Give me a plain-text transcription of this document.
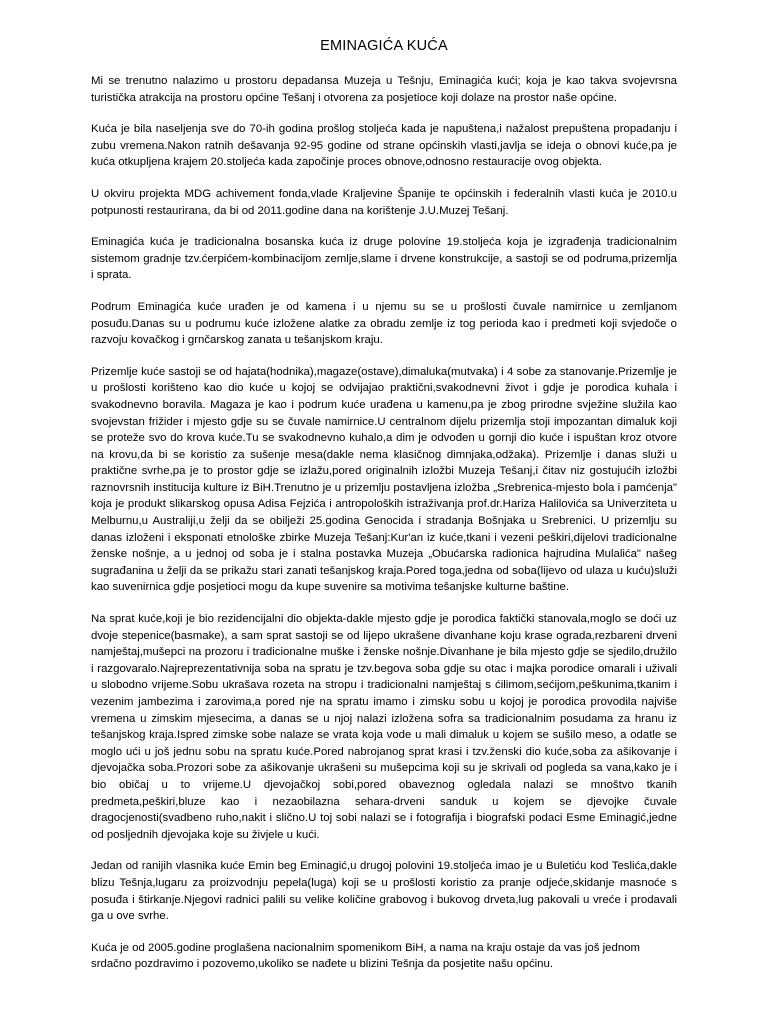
EMINAGIĆA KUĆA

Mi se trenutno nalazimo u prostoru depadansa Muzeja u Tešnju, Eminagića kući; koja je kao takva svojevrsna turistička atrakcija na prostoru općine Tešanj i otvorena za posjetioce koji dolaze na prostor naše općine.

Kuća je bila naseljenja sve do 70-ih godina prošlog stoljeća kada je napuštena,i nažalost prepuštena propadanju i zubu vremena.Nakon ratnih dešavanja 92-95 godine od strane općinskih vlasti,javlja se ideja o obnovi kuće,pa je kuća otkupljena krajem 20.stoljeća kada započinje proces obnove,odnosno restauracije ovog objekta.

U okviru projekta MDG achivement fonda,vlade Kraljevine Španije te općinskih i federalnih vlasti kuća je 2010.u potpunosti restaurirana, da bi od 2011.godine dana na korištenje J.U.Muzej Tešanj.

Eminagića kuća je tradicionalna bosanska kuća iz druge polovine 19.stoljeća koja je izgrađenja tradicionalnim sistemom gradnje tzv.ćerpićem-kombinacijom zemlje,slame i drvene konstrukcije, a sastoji se od podruma,prizemlja i sprata.

Podrum Eminagića kuće urađen je od kamena i u njemu su se u prošlosti čuvale namirnice u zemljanom posuđu.Danas su u podrumu kuće izložene alatke za obradu zemlje iz tog perioda kao i predmeti koji svjedoče o razvoju kovačkog i grnčarskog zanata u tešanjskom kraju.

Prizemlje kuće sastoji se od hajata(hodnika),magaze(ostave),dimaluka(mutvaka) i 4 sobe za stanovanje.Prizemlje je u prošlosti korišteno kao dio kuće u kojoj se odvijajao praktični,svakodnevni život i gdje je porodica kuhala i svakodnevno boravila. Magaza je kao i podrum kuće urađena u kamenu,pa je zbog prirodne svježine služila kao svojevstan frižider i mjesto gdje su se čuvale namirnice.U centralnom dijelu prizemlja stoji impozantan dimaluk koji se proteže svo do krova kuće.Tu se svakodnevno kuhalo,a dim je odvođen u gornji dio kuće i ispuštan kroz otvore na krovu,da bi se koristio za sušenje mesa(dakle nema klasičnog dimnjaka,odžaka). Prizemlje i danas služi u praktične svrhe,pa je to prostor gdje se izlažu,pored originalnih izložbi Muzeja Tešanj,i čitav niz gostujućih izložbi raznovrsnih institucija kulture iz BiH.Trenutno je u prizemlju postavljena izložba „Srebrenica-mjesto bola i pamćenja" koja je produkt slikarskog opusa Adisa Fejzića i antropoloških istraživanja prof.dr.Hariza Halilovića sa Univerziteta u Melburnu,u Australiji,u želji da se obilježi 25.godina Genocida i stradanja Bošnjaka u Srebrenici. U prizemlju su danas izloženi i eksponati etnološke zbirke Muzeja Tešanj:Kur'an iz kuće,tkani i vezeni peškiri,dijelovi tradicionalne ženske nošnje, a u jednoj od soba je i stalna postavka Muzeja „Obućarska radionica hajrudina Mulalića" našeg sugrađanina u želji da se prikažu stari zanati tešanjskog kraja.Pored toga,jedna od soba(lijevo od ulaza u kuću)služi kao suvenirnica gdje posjetioci mogu da kupe suvenire sa motivima tešanjske kulturne baštine.

Na sprat kuće,koji je bio rezidencijalni dio objekta-dakle mjesto gdje je porodica faktički stanovala,moglo se doći uz dvoje stepenice(basmake), a sam sprat sastoji se od lijepo ukrašene divanhane koju krase ograda,rezbareni drveni namještaj,mušepci na prozoru i tradicionalne muške i ženske nošnje.Divanhane je bila mjesto gdje se sjedilo,družilo i razgovaralo.Najreprezentativnija soba na spratu je tzv.begova soba gdje su otac i majka porodice omarali i uživali u slobodno vrijeme.Sobu ukrašava rozeta na stropu i tradicionalni namještaj s ćilimom,sećijom,peškunima,tkanim i vezenim jambezima i zarovima,a pored nje na spratu imamo i zimsku sobu u kojoj je porodica provodila najviše vremena u zimskim mjesecima, a danas se u njoj nalazi izložena sofra sa tradicionalnim posudama za hranu iz tešanjskog kraja.Ispred zimske sobe nalaze se vrata koja vode u mali dimaluk u kojem se sušilo meso, a odatle se moglo ući u još jednu sobu na spratu kuće.Pored nabrojanog sprat krasi i tzv.ženski dio kuće,soba za ašikovanje i djevojačka soba.Prozori sobe za ašikovanje ukrašeni su mušepcima koji su je skrivali od pogleda sa vana,kako je i bio običaj u to vrijeme.U djevojačkoj sobi,pored obaveznog ogledala nalazi se mnoštvo tkanih predmeta,peškiri,bluze kao i nezaobilazna sehara-drveni sanduk u kojem se djevojke čuvale dragocjenosti(svadbeno ruho,nakit i slično.U toj sobi nalazi se i fotografija i biografski podaci Esme Eminagić,jedne od posljednih djevojaka koje su živjele u kući.

Jedan od ranijih vlasnika kuće Emin beg Eminagić,u drugoj polovini 19.stoljeća imao je u Buletiću kod Teslića,dakle blizu Tešnja,lugaru za proizvodnju pepela(luga) koji se u prošlosti koristio za pranje odjeće,skidanje masnoće s posuđa i štirkanje.Njegovi radnici palili su velike količine grabovog i bukovog drveta,lug pakovali u vreće i prodavali ga u ove svrhe.

Kuća je od 2005.godine proglašena nacionalnim spomenikom BiH, a nama na kraju ostaje da vas još jednom srdačno pozdravimo i pozovemo,ukoliko se nađete u blizini Tešnja da posjetite našu općinu.
